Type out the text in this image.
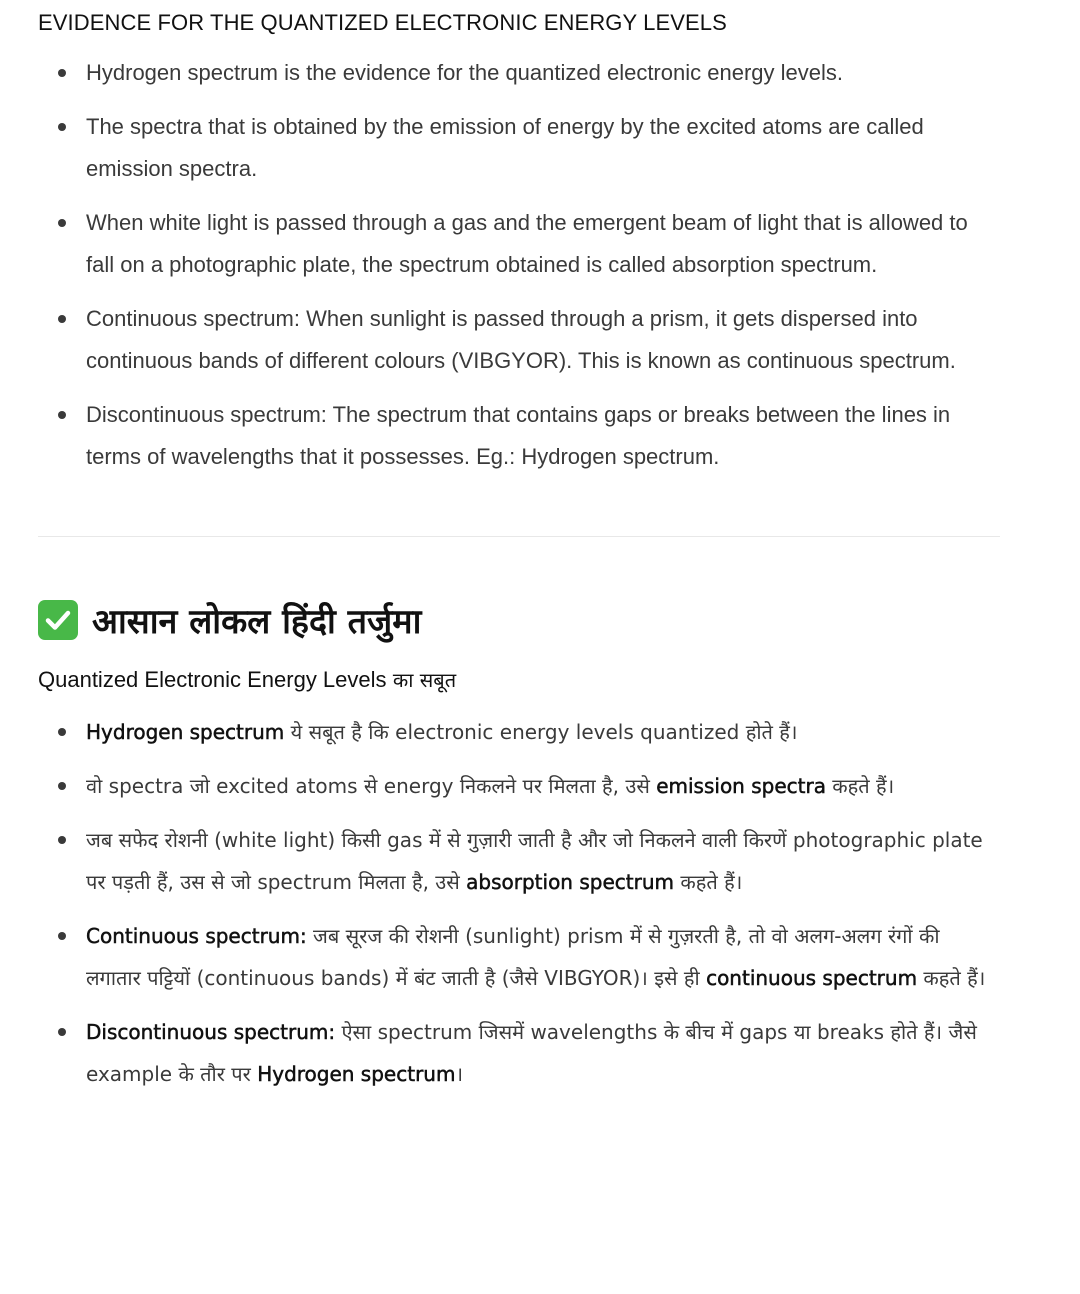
EVIDENCE FOR THE QUANTIZED ELECTRONIC ENERGY LEVELS
Hydrogen spectrum is the evidence for the quantized electronic energy levels.
The spectra that is obtained by the emission of energy by the excited atoms are called emission spectra.
When white light is passed through a gas and the emergent beam of light that is allowed to fall on a photographic plate, the spectrum obtained is called absorption spectrum.
Continuous spectrum: When sunlight is passed through a prism, it gets dispersed into continuous bands of different colours (VIBGYOR). This is known as continuous spectrum.
Discontinuous spectrum: The spectrum that contains gaps or breaks between the lines in terms of wavelengths that it possesses. Eg.: Hydrogen spectrum.
आसान लोकल हिंदी तर्जुमा
Quantized Electronic Energy Levels का सबूत
Hydrogen spectrum ये सबूत है कि electronic energy levels quantized होते हैं।
वो spectra जो excited atoms से energy निकलने पर मिलता है, उसे emission spectra कहते हैं।
जब सफेद रोशनी (white light) किसी gas में से गुज़ारी जाती है और जो निकलने वाली किरणें photographic plate पर पड़ती हैं, उस से जो spectrum मिलता है, उसे absorption spectrum कहते हैं।
Continuous spectrum: जब सूरज की रोशनी (sunlight) prism में से गुज़रती है, तो वो अलग-अलग रंगों की लगातार पट्टियों (continuous bands) में बंट जाती है (जैसे VIBGYOR)। इसे ही continuous spectrum कहते हैं।
Discontinuous spectrum: ऐसा spectrum जिसमें wavelengths के बीच में gaps या breaks होते हैं। जैसे example के तौर पर Hydrogen spectrum।
